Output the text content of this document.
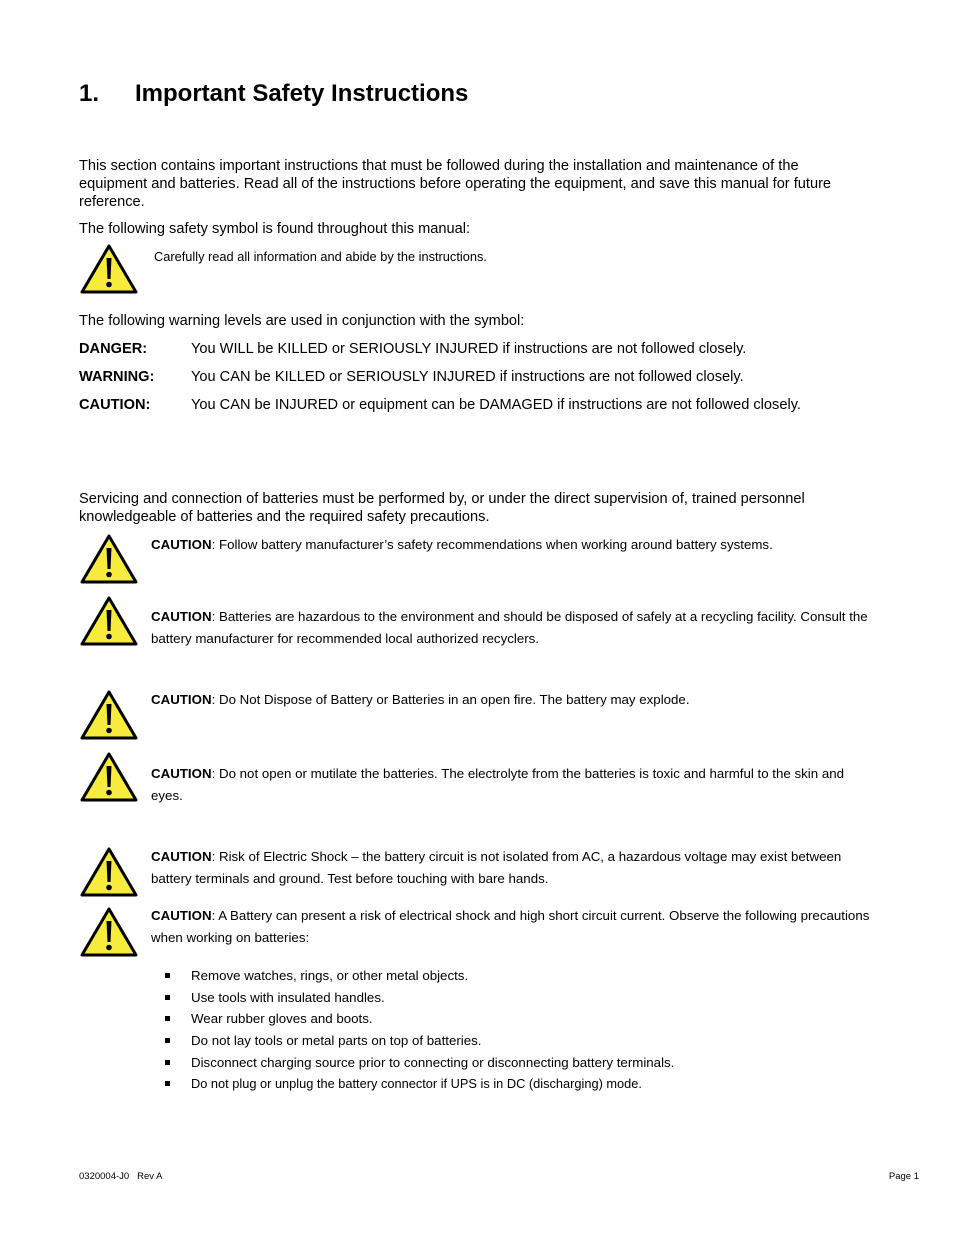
1. Important Safety Instructions

This section contains important instructions that must be followed during the installation and maintenance of the equipment and batteries. Read all of the instructions before operating the equipment, and save this manual for future reference.

The following safety symbol is found throughout this manual:

Carefully read all information and abide by the instructions.

The following warning levels are used in conjunction with the symbol:

DANGER:	You WILL be KILLED or SERIOUSLY INJURED if instructions are not followed closely.
WARNING:	You CAN be KILLED or SERIOUSLY INJURED if instructions are not followed closely.
CAUTION:	You CAN be INJURED or equipment can be DAMAGED if instructions are not followed closely.

Servicing and connection of batteries must be performed by, or under the direct supervision of, trained personnel knowledgeable of batteries and the required safety precautions.

CAUTION: Follow battery manufacturer’s safety recommendations when working around battery systems.

CAUTION: Batteries are hazardous to the environment and should be disposed of safely at a recycling facility. Consult the battery manufacturer for recommended local authorized recyclers.

CAUTION: Do Not Dispose of Battery or Batteries in an open fire. The battery may explode.

CAUTION: Do not open or mutilate the batteries. The electrolyte from the batteries is toxic and harmful to the skin and eyes.

CAUTION: Risk of Electric Shock – the battery circuit is not isolated from AC, a hazardous voltage may exist between battery terminals and ground. Test before touching with bare hands.

CAUTION: A Battery can present a risk of electrical shock and high short circuit current. Observe the following precautions when working on batteries:

Remove watches, rings, or other metal objects.
Use tools with insulated handles.
Wear rubber gloves and boots.
Do not lay tools or metal parts on top of batteries.
Disconnect charging source prior to connecting or disconnecting battery terminals.
Do not plug or unplug the battery connector if UPS is in DC (discharging) mode.
0320004-J0   Rev A	Page 1
